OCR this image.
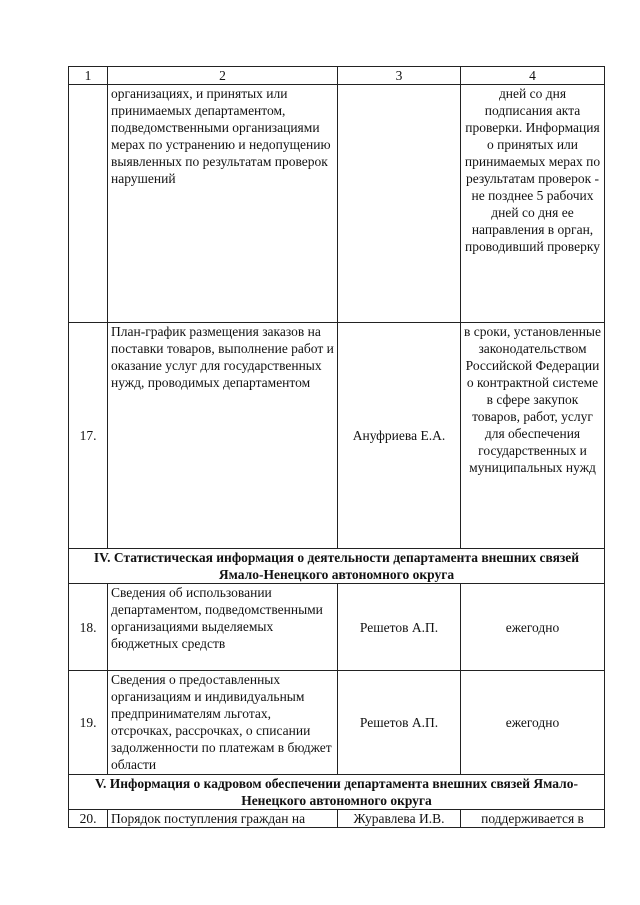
1	2	3	4
	организациях, и принятых или принимаемых департаментом, подведомственными организациями мерах по устранению и недопущению выявленных по результатам проверок нарушений		дней со дня подписания акта проверки. Информация о принятых или принимаемых мерах по результатам проверок - не позднее 5 рабочих дней со дня ее направления в орган, проводивший проверку
17.	План-график размещения заказов на поставки товаров, выполнение работ и оказание услуг для государственных нужд, проводимых департаментом	Ануфриева Е.А.	в сроки, установленные законодательством Российской Федерации о контрактной системе в сфере закупок товаров, работ, услуг для обеспечения государственных и муниципальных нужд
IV. Статистическая информация о деятельности департамента внешних связей Ямало-Ненецкого автономного округа			
18.	Сведения об использовании департаментом, подведомственными организациями выделяемых бюджетных средств	Решетов А.П.	ежегодно
19.	Сведения о предоставленных организациям и индивидуальным предпринимателям льготах, отсрочках, рассрочках, о списании задолженности по платежам в бюджет области	Решетов А.П.	ежегодно
V. Информация о кадровом обеспечении департамента внешних связей Ямало-Ненецкого автономного округа			
20.	Порядок поступления граждан на	Журавлева И.В.	поддерживается в
